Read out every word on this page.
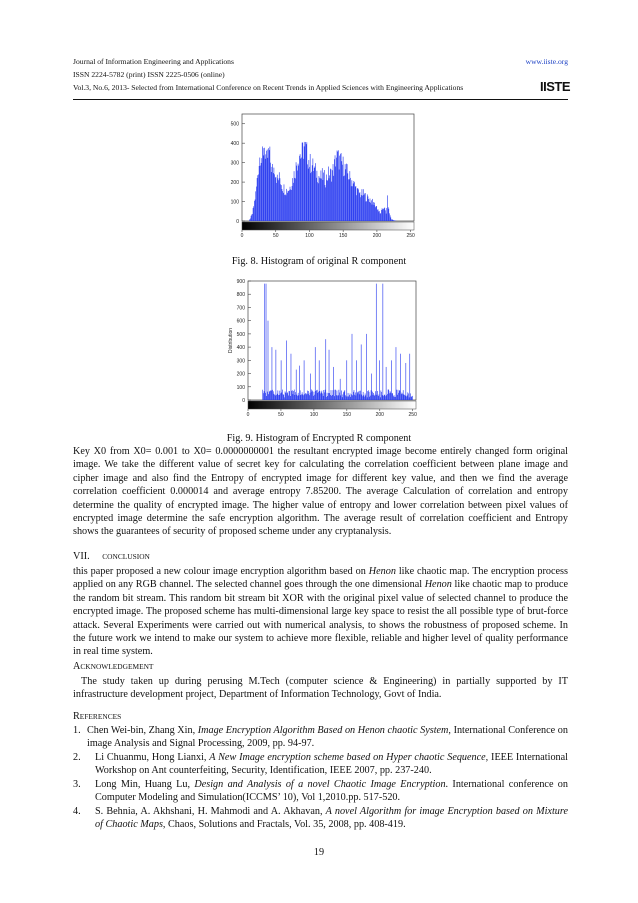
Journal of Information Engineering and Applications	www.iiste.org
ISSN 2224-5782 (print) ISSN 2225-0506 (online)
Vol.3, No.6, 2013- Selected from International Conference on Recent Trends in Applied Sciences with Engineering Applications	IISTE
0
100
200
300
400
500
0	50	100	150	200	250
Fig. 8. Histogram of original R component
0
100
200
300
400
500
600
700
800
900
0	50	100	150	200	250
Distribution
Fig. 9. Histogram of Encrypted R component

Key X0 from X0= 0.001 to X0= 0.0000000001 the resultant encrypted image become entirely changed form original image. We take the different value of secret key for calculating the correlation coefficient between plane image and cipher image and also find the Entropy of encrypted image for different key value, and then we find the average correlation coefficient 0.000014 and average entropy 7.85200. The average Calculation of correlation and entropy determine the quality of encrypted image. The higher value of entropy and lower correlation between pixel values of encrypted image determine the safe encryption algorithm. The average result of correlation coefficient and Entropy shows the guarantees of security of proposed scheme under any cryptanalysis.

VII. CONCLUSION

this paper proposed a new colour image encryption algorithm based on Henon like chaotic map. The encryption process applied on any RGB channel. The selected channel goes through the one dimensional Henon like chaotic map to produce the random bit stream. This random bit stream bit XOR with the original pixel value of selected channel to produce the encrypted image. The proposed scheme has multi-dimensional large key space to resist the all possible type of brut-force attack. Several Experiments were carried out with numerical analysis, to shows the robustness of proposed scheme. In the future work we intend to make our system to achieve more flexible, reliable and higher level of quality performance in real time system.

ACKNOWLEDGEMENT

The study taken up during perusing M.Tech (computer science & Engineering) in partially supported by IT infrastructure development project, Department of Information Technology, Govt of India.

REFERENCES
1. Chen Wei-bin, Zhang Xin, Image Encryption Algorithm Based on Henon chaotic System, International Conference on image Analysis and Signal Processing, 2009, pp. 94-97.
2. Li Chuanmu, Hong Lianxi, A New Image encryption scheme based on Hyper chaotic Sequence, IEEE International Workshop on Ant counterfeiting, Security, Identification, IEEE 2007, pp. 237-240.
3. Long Min, Huang Lu, Design and Analysis of a novel Chaotic Image Encryption. International conference on Computer Modeling and Simulation(ICCMS’ 10), Vol 1,2010.pp. 517-520.
4. S. Behnia, A. Akhshani, H. Mahmodi and A. Akhavan, A novel Algorithm for image Encryption based on Mixture of Chaotic Maps, Chaos, Solutions and Fractals, Vol. 35, 2008, pp. 408-419.
19
